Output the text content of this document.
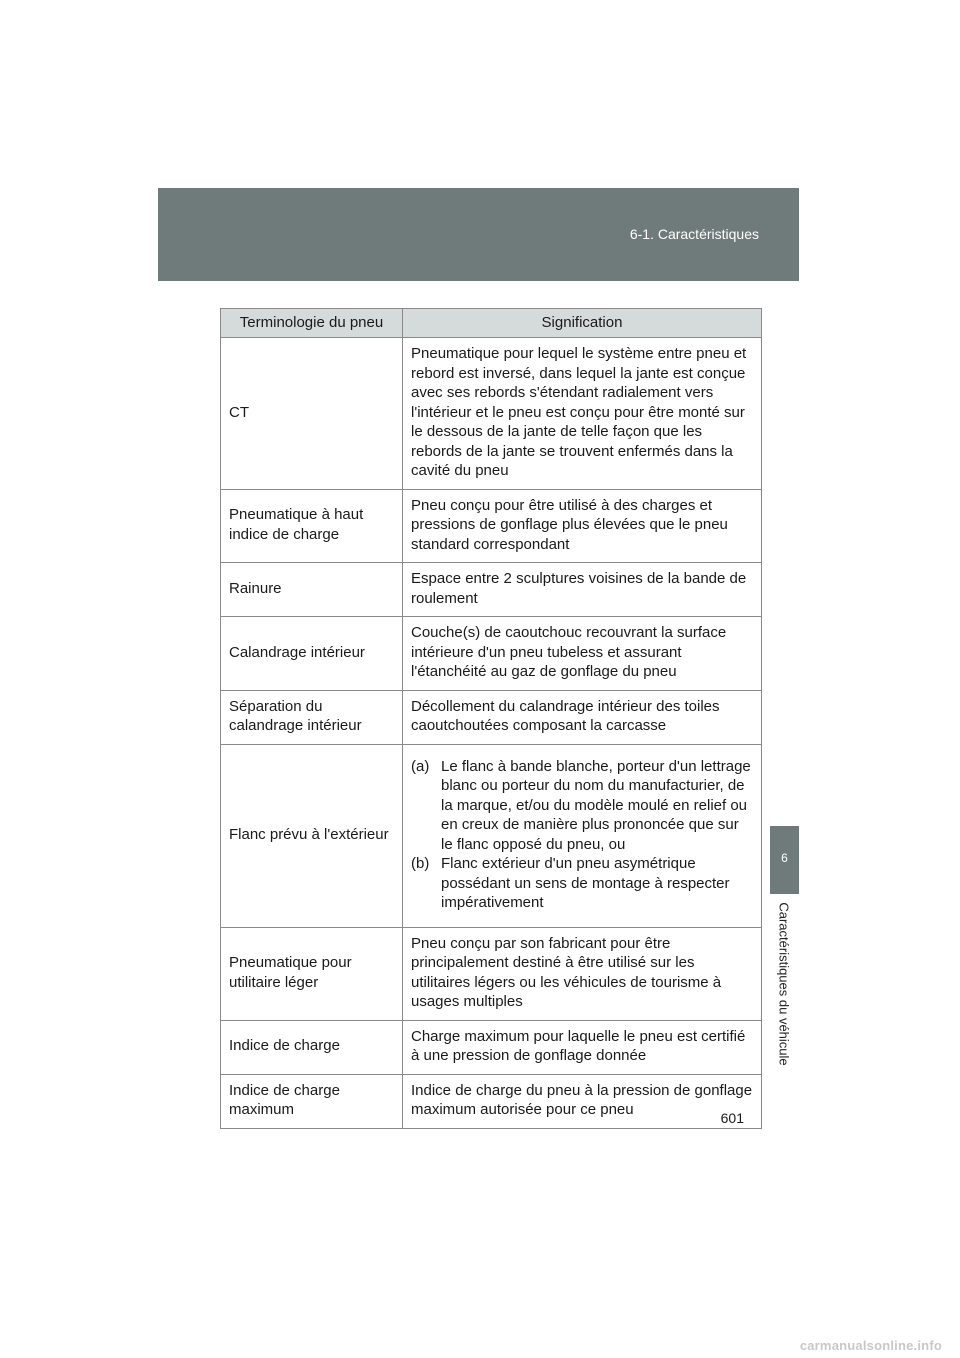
6-1. Caractéristiques
6
Caractéristiques du véhicule
Terminologie du pneu	Signification
CT	Pneumatique pour lequel le système entre pneu et rebord est inversé, dans lequel la jante est conçue avec ses rebords s'étendant radialement vers l'intérieur et le pneu est conçu pour être monté sur le dessous de la jante de telle façon que les rebords de la jante se trouvent enfermés dans la cavité du pneu
Pneumatique à haut indice de charge	Pneu conçu pour être utilisé à des charges et pressions de gonflage plus élevées que le pneu standard correspondant
Rainure	Espace entre 2 sculptures voisines de la bande de roulement
Calandrage intérieur	Couche(s) de caoutchouc recouvrant la surface intérieure d'un pneu tubeless et assurant l'étanchéité au gaz de gonflage du pneu
Séparation du calandrage intérieur	Décollement du calandrage intérieur des toiles caoutchoutées composant la carcasse
Flanc prévu à l'extérieur	(a) Le flanc à bande blanche, porteur d'un lettrage blanc ou porteur du nom du manufacturier, de la marque, et/ou du modèle moulé en relief ou en creux de manière plus prononcée que sur le flanc opposé du pneu, ou
(b) Flanc extérieur d'un pneu asymétrique possédant un sens de montage à respecter impérativement

Pneumatique pour utilitaire léger	Pneu conçu par son fabricant pour être principalement destiné à être utilisé sur les utilitaires légers ou les véhicules de tourisme à usages multiples
Indice de charge	Charge maximum pour laquelle le pneu est certifié à une pression de gonflage donnée
Indice de charge maximum	Indice de charge du pneu à la pression de gonflage maximum autorisée pour ce pneu	601
carmanualsonline.info
